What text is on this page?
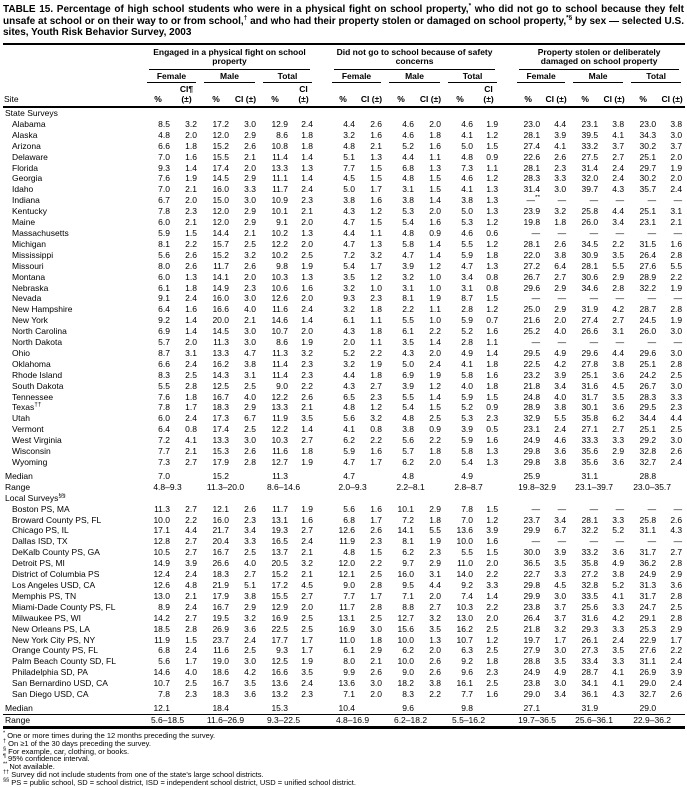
TABLE 15. Percentage of high school students who were in a physical fight on school property,* who did not go to school because they felt unsafe at school or on their way to or from school,† and who had their property stolen or damaged on school property,*§ by sex — selected U.S. sites, Youth Risk Behavior Survey, 2003
Site	Engaged in a physical fight on school property							Did not go to school because of safety concerns							Property stolen or deliberately damaged on school property					

	Female		Male		Total			Female		Male		Total			Female		Male		Total	

	%	CI¶ (±)	%	CI (±)	%	CI (±)		%	CI (±)	%	CI (±)	%	CI (±)		%	CI (±)	%	CI (±)	%	CI (±)
State Surveys																				
Alabama	8.5	3.2	17.2	3.0	12.9	2.4		4.4	2.6	4.6	2.0	4.6	1.9		23.0	4.4	23.1	3.8	23.0	3.8
Alaska	4.8	2.0	12.0	2.9	8.6	1.8		3.2	1.6	4.6	1.8	4.1	1.2		28.1	3.9	39.5	4.1	34.3	3.0
Arizona	6.6	1.8	15.2	2.6	10.8	1.8		4.8	2.1	5.2	1.6	5.0	1.5		27.4	4.1	33.2	3.7	30.2	3.7
Delaware	7.0	1.6	15.5	2.1	11.4	1.4		5.1	1.3	4.4	1.1	4.8	0.9		22.6	2.6	27.5	2.7	25.1	2.0
Florida	9.3	1.4	17.4	2.0	13.3	1.3		7.7	1.5	6.8	1.3	7.3	1.1		28.1	2.3	31.4	2.4	29.7	1.9
Georgia	7.6	1.9	14.5	2.9	11.1	1.4		4.5	1.5	4.8	1.5	4.6	1.2		28.3	3.3	32.0	2.4	30.2	2.0
Idaho	7.0	2.1	16.0	3.3	11.7	2.4		5.0	1.7	3.1	1.5	4.1	1.3		31.4	3.0	39.7	4.3	35.7	2.4
Indiana	6.7	2.0	15.0	3.0	10.9	2.3		3.8	1.6	3.8	1.4	3.8	1.3		—**	—	—	—	—	—
Kentucky	7.8	2.3	12.0	2.9	10.1	2.1		4.3	1.2	5.3	2.0	5.0	1.3		23.9	3.2	25.8	4.4	25.1	3.1
Maine	6.0	2.1	12.0	2.9	9.1	2.0		4.7	1.5	5.4	1.6	5.3	1.2		19.8	1.8	26.0	3.4	23.1	2.1
Massachusetts	5.9	1.5	14.4	2.1	10.2	1.3		4.4	1.1	4.8	0.9	4.6	0.6		—	—	—	—	—	—
Michigan	8.1	2.2	15.7	2.5	12.2	2.0		4.7	1.3	5.8	1.4	5.5	1.2		28.1	2.6	34.5	2.2	31.5	1.6
Mississippi	5.6	2.6	15.2	3.2	10.2	2.5		7.2	3.2	4.7	1.4	5.9	1.8		22.0	3.8	30.9	3.5	26.4	2.8
Missouri	8.0	2.6	11.7	2.6	9.8	1.9		5.4	1.7	3.9	1.2	4.7	1.3		27.2	6.4	28.1	5.5	27.6	5.5
Montana	6.0	1.3	14.1	2.0	10.3	1.3		3.5	1.2	3.2	1.0	3.4	0.8		26.7	2.7	30.6	2.9	28.9	2.2
Nebraska	6.1	1.8	14.9	2.3	10.6	1.6		3.2	1.0	3.1	1.0	3.1	0.8		29.6	2.9	34.6	2.8	32.2	1.9
Nevada	9.1	2.4	16.0	3.0	12.6	2.0		9.3	2.3	8.1	1.9	8.7	1.5		—	—	—	—	—	—
New Hampshire	6.4	1.6	16.6	4.0	11.6	2.4		3.2	1.8	2.2	1.1	2.8	1.2		25.0	2.9	31.9	4.2	28.7	2.8
New York	9.2	1.4	20.0	2.1	14.6	1.4		6.1	1.1	5.5	1.0	5.9	0.7		21.6	2.0	27.4	2.7	24.5	1.9
North Carolina	6.9	1.4	14.5	3.0	10.7	2.0		4.3	1.8	6.1	2.2	5.2	1.6		25.2	4.0	26.6	3.1	26.0	3.0
North Dakota	5.7	2.0	11.3	3.0	8.6	1.9		2.0	1.1	3.5	1.4	2.8	1.1		—	—	—	—	—	—
Ohio	8.7	3.1	13.3	4.7	11.3	3.2		5.2	2.2	4.3	2.0	4.9	1.4		29.5	4.9	29.6	4.4	29.6	3.0
Oklahoma	6.6	2.4	16.2	3.8	11.4	2.3		3.2	1.9	5.0	2.4	4.1	1.8		22.5	4.2	27.8	3.8	25.1	2.8
Rhode Island	8.3	2.5	14.3	3.1	11.4	2.3		4.4	1.8	6.9	1.9	5.8	1.6		23.2	3.9	25.1	3.6	24.2	2.5
South Dakota	5.5	2.8	12.5	2.5	9.0	2.2		4.3	2.7	3.9	1.2	4.0	1.8		21.8	3.4	31.6	4.5	26.7	3.0
Tennessee	7.6	1.8	16.7	4.0	12.2	2.6		6.5	2.3	5.5	1.4	5.9	1.5		24.8	4.0	31.7	3.5	28.3	3.3
Texas††	7.8	1.7	18.3	2.9	13.3	2.1		4.8	1.2	5.4	1.5	5.2	0.9		28.9	3.8	30.1	3.6	29.5	2.3
Utah	6.0	2.4	17.3	6.7	11.9	3.5		5.6	3.2	4.8	2.5	5.3	2.3		32.9	5.5	35.8	6.2	34.4	4.4
Vermont	6.4	0.8	17.4	2.5	12.2	1.4		4.1	0.8	3.8	0.9	3.9	0.5		23.1	2.4	27.1	2.7	25.1	2.5
West Virginia	7.2	4.1	13.3	3.0	10.3	2.7		6.2	2.2	5.6	2.2	5.9	1.6		24.9	4.6	33.3	3.3	29.2	3.0
Wisconsin	7.7	2.1	15.3	2.6	11.6	1.8		5.9	1.6	5.7	1.8	5.8	1.3		29.8	3.6	35.6	2.9	32.8	2.6
Wyoming	7.3	2.7	17.9	2.8	12.7	1.9		4.7	1.7	6.2	2.0	5.4	1.3		29.8	3.8	35.6	3.6	32.7	2.4
Median	7.0		15.2		11.3			4.7		4.8		4.9			25.9		31.1		28.8	
Range	4.8–9.3		11.3–20.0		8.6–14.6			2.0–9.3		2.2–8.1		2.8–8.7			19.8–32.9		23.1–39.7		23.0–35.7	
Local Surveys§§
Boston PS, MA	11.3	2.7	12.1	2.6	11.7	1.9		5.6	1.6	10.1	2.9	7.8	1.5		—	—	—	—	—	—
Broward County PS, FL	10.0	2.2	16.0	2.3	13.1	1.6		6.8	1.7	7.2	1.8	7.0	1.2		23.7	3.4	28.1	3.3	25.8	2.6
Chicago PS, IL	17.1	4.4	21.7	3.4	19.3	2.7		12.6	2.6	14.1	5.5	13.6	3.9		29.9	6.7	32.2	5.2	31.1	4.3
Dallas ISD, TX	12.8	2.7	20.4	3.3	16.5	2.4		11.9	2.3	8.1	1.9	10.0	1.6		—	—	—	—	—	—
DeKalb County PS, GA	10.5	2.7	16.7	2.5	13.7	2.1		4.8	1.5	6.2	2.3	5.5	1.5		30.0	3.9	33.2	3.6	31.7	2.7
Detroit PS, MI	14.9	3.9	26.6	4.0	20.5	3.2		12.0	2.2	9.7	2.9	11.0	2.0		36.5	3.5	35.8	4.9	36.2	2.8
District of Columbia PS	12.4	2.4	18.3	2.7	15.2	2.1		12.1	2.5	16.0	3.1	14.0	2.2		22.7	3.3	27.2	3.8	24.9	2.9
Los Angeles USD, CA	12.6	4.8	21.9	5.1	17.2	4.5		9.0	2.8	9.5	4.4	9.2	3.3		29.8	4.5	32.8	5.2	31.3	3.6
Memphis PS, TN	13.0	2.1	17.9	3.8	15.5	2.7		7.7	1.7	7.1	2.0	7.4	1.4		29.9	3.0	33.5	4.1	31.7	2.8
Miami-Dade County PS, FL	8.9	2.4	16.7	2.9	12.9	2.0		11.7	2.8	8.8	2.7	10.3	2.2		23.8	3.7	25.6	3.3	24.7	2.5
Milwaukee PS, WI	14.2	2.7	19.5	3.2	16.9	2.5		13.1	2.5	12.7	3.2	13.0	2.0		26.4	3.7	31.6	4.2	29.1	2.8
New Orleans PS, LA	18.5	2.8	26.9	3.6	22.5	2.5		16.9	3.0	15.6	3.5	16.2	2.5		21.8	3.2	29.3	3.3	25.3	2.9
New York City PS, NY	11.9	1.5	23.7	2.4	17.7	1.7		11.0	1.8	10.0	1.3	10.7	1.2		19.7	1.7	26.1	2.4	22.9	1.7
Orange County PS, FL	6.8	2.4	11.6	2.5	9.3	1.7		6.1	2.9	6.2	2.0	6.3	2.5		27.9	3.0	27.3	3.5	27.6	2.2
Palm Beach County SD, FL	5.6	1.7	19.0	3.0	12.5	1.9		8.0	2.1	10.0	2.6	9.2	1.8		28.8	3.5	33.4	3.3	31.1	2.4
Philadelphia SD, PA	14.6	4.0	18.6	4.2	16.6	3.5		9.9	2.6	9.0	2.6	9.6	2.3		24.9	4.9	28.7	4.1	26.9	3.9
San Bernardino USD, CA	10.7	2.5	16.7	3.5	13.6	2.4		13.6	3.0	18.2	3.8	16.1	2.5		23.8	3.0	34.1	4.1	29.0	2.4
San Diego USD, CA	7.8	2.3	18.3	3.6	13.2	2.3		7.1	2.0	8.3	2.2	7.7	1.6		29.0	3.4	36.1	4.3	32.7	2.6
Median	12.1		18.4		15.3			10.4		9.6		9.8			27.1		31.9		29.0	
Range	5.6–18.5		11.6–26.9		9.3–22.5			4.8–16.9		6.2–18.2		5.5–16.2			19.7–36.5		25.6–36.1		22.9–36.2	
* One or more times during the 12 months preceding the survey.
† On ≥1 of the 30 days preceding the survey.
§ For example, car, clothing, or books.
¶ 95% confidence interval.
** Not available.
†† Survey did not include students from one of the state's large school districts.
§§ PS = public school, SD = school district, ISD = independent school district, USD = unified school district.
